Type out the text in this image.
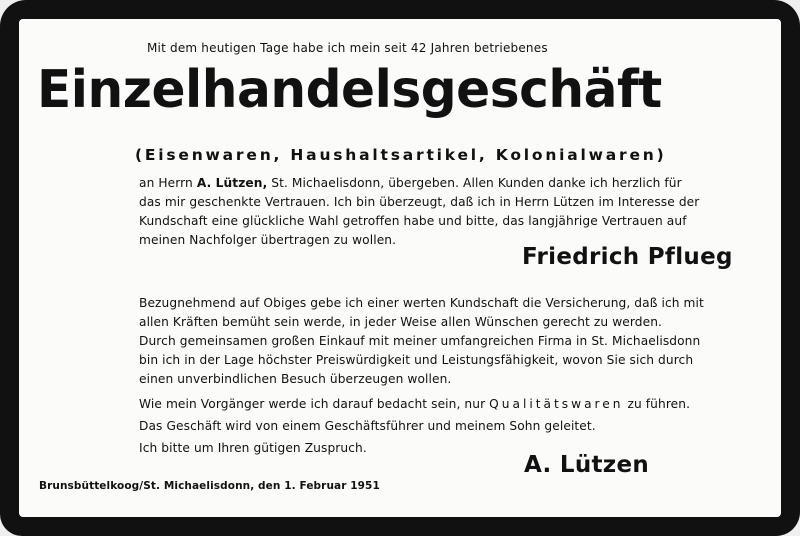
Mit dem heutigen Tage habe ich mein seit 42 Jahren betriebenes
Einzelhandelsgeschäft
(Eisenwaren, Haushaltsartikel, Kolonialwaren)
an Herrn A. Lützen, St. Michaelisdonn, übergeben. Allen Kunden danke ich herzlich für
das mir geschenkte Vertrauen. Ich bin überzeugt, daß ich in Herrn Lützen im Interesse der
Kundschaft eine glückliche Wahl getroffen habe und bitte, das langjährige Vertrauen auf
meinen Nachfolger übertragen zu wollen.
Friedrich Pflueg
Bezugnehmend auf Obiges gebe ich einer werten Kundschaft die Versicherung, daß ich mit
allen Kräften bemüht sein werde, in jeder Weise allen Wünschen gerecht zu werden.
Durch gemeinsamen großen Einkauf mit meiner umfangreichen Firma in St. Michaelisdonn
bin ich in der Lage höchster Preiswürdigkeit und Leistungsfähigkeit, wovon Sie sich durch
einen unverbindlichen Besuch überzeugen wollen.
Wie mein Vorgänger werde ich darauf bedacht sein, nur Qualitätswaren zu führen.
Das Geschäft wird von einem Geschäftsführer und meinem Sohn geleitet.
Ich bitte um Ihren gütigen Zuspruch.
Brunsbüttelkoog/St. Michaelisdonn, den 1. Februar 1951
A. Lützen
